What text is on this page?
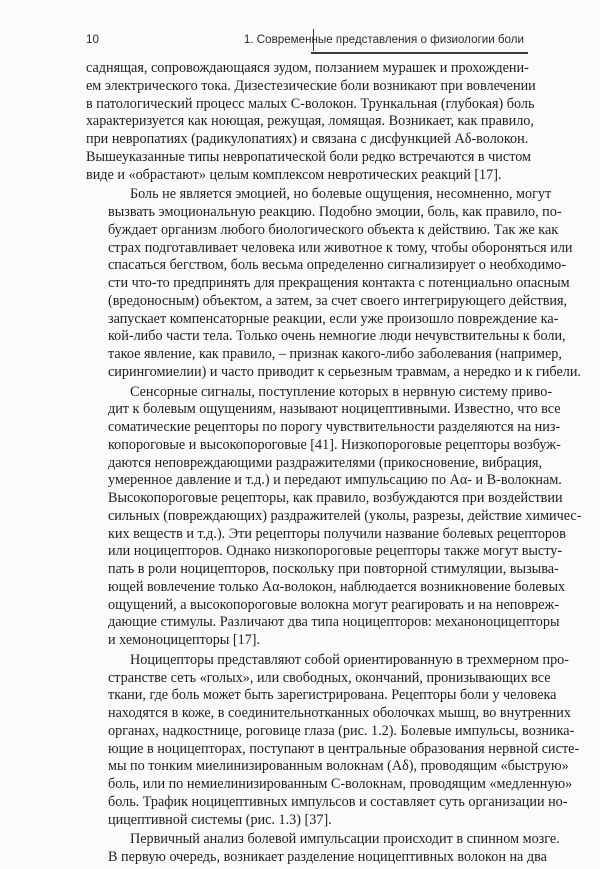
10	1. Современные представления о физиологии боли
саднящая, сопровождающаяся зудом, ползанием мурашек и прохождени-
ем электрического тока. Дизестезические боли возникают при вовлечении
в патологический процесс малых С-волокон. Трункальная (глубокая) боль
характеризуется как ноющая, режущая, ломящая. Возникает, как правило,
при невропатиях (радикулопатиях) и связана с дисфункцией Аδ-волокон.
Вышеуказанные типы невропатической боли редко встречаются в чистом
виде и «обрастают» целым комплексом невротических реакций [17].
Боль не является эмоцией, но болевые ощущения, несомненно, могут
вызвать эмоциональную реакцию. Подобно эмоции, боль, как правило, по-
буждает организм любого биологического объекта к действию. Так же как
страх подготавливает человека или животное к тому, чтобы обороняться или
спасаться бегством, боль весьма определенно сигнализирует о необходимо-
сти что-то предпринять для прекращения контакта с потенциально опасным
(вредоносным) объектом, а затем, за счет своего интегрирующего действия,
запускает компенсаторные реакции, если уже произошло повреждение ка-
кой-либо части тела. Только очень немногие люди нечувствительны к боли,
такое явление, как правило, – признак какого-либо заболевания (например,
сирингомиелии) и часто приводит к серьезным травмам, а нередко и к гибели.
Сенсорные сигналы, поступление которых в нервную систему приво-
дит к болевым ощущениям, называют ноцицептивными. Известно, что все
соматические рецепторы по порогу чувствительности разделяются на низ-
копороговые и высокопороговые [41]. Низкопороговые рецепторы возбуж-
даются неповреждающими раздражителями (прикосновение, вибрация,
умеренное давление и т.д.) и передают импульсацию по Аα- и В-волокнам.
Высокопороговые рецепторы, как правило, возбуждаются при воздействии
сильных (повреждающих) раздражителей (уколы, разрезы, действие химичес-
ких веществ и т.д.). Эти рецепторы получили название болевых рецепторов
или ноцицепторов. Однако низкопороговые рецепторы также могут высту-
пать в роли ноцицепторов, поскольку при повторной стимуляции, вызыва-
ющей вовлечение только Аα-волокон, наблюдается возникновение болевых
ощущений, а высокопороговые волокна могут реагировать и на неповреж-
дающие стимулы. Различают два типа ноцицепторов: механоноцицепторы
и хемоноцицепторы [17].
Ноцицепторы представляют собой ориентированную в трехмерном про-
странстве сеть «голых», или свободных, окончаний, пронизывающих все
ткани, где боль может быть зарегистрирована. Рецепторы боли у человека
находятся в коже, в соединительнотканных оболочках мышц, во внутренних
органах, надкостнице, роговице глаза (рис. 1.2). Болевые импульсы, возника-
ющие в ноцицепторах, поступают в центральные образования нервной систе-
мы по тонким миелинизированным волокнам (Аδ), проводящим «быструю»
боль, или по немиелинизированным С-волокнам, проводящим «медленную»
боль. Трафик ноцицептивных импульсов и составляет суть организации но-
цицептивной системы (рис. 1.3) [37].
Первичный анализ болевой импульсации происходит в спинном мозге.
В первую очередь, возникает разделение ноцицептивных волокон на два
